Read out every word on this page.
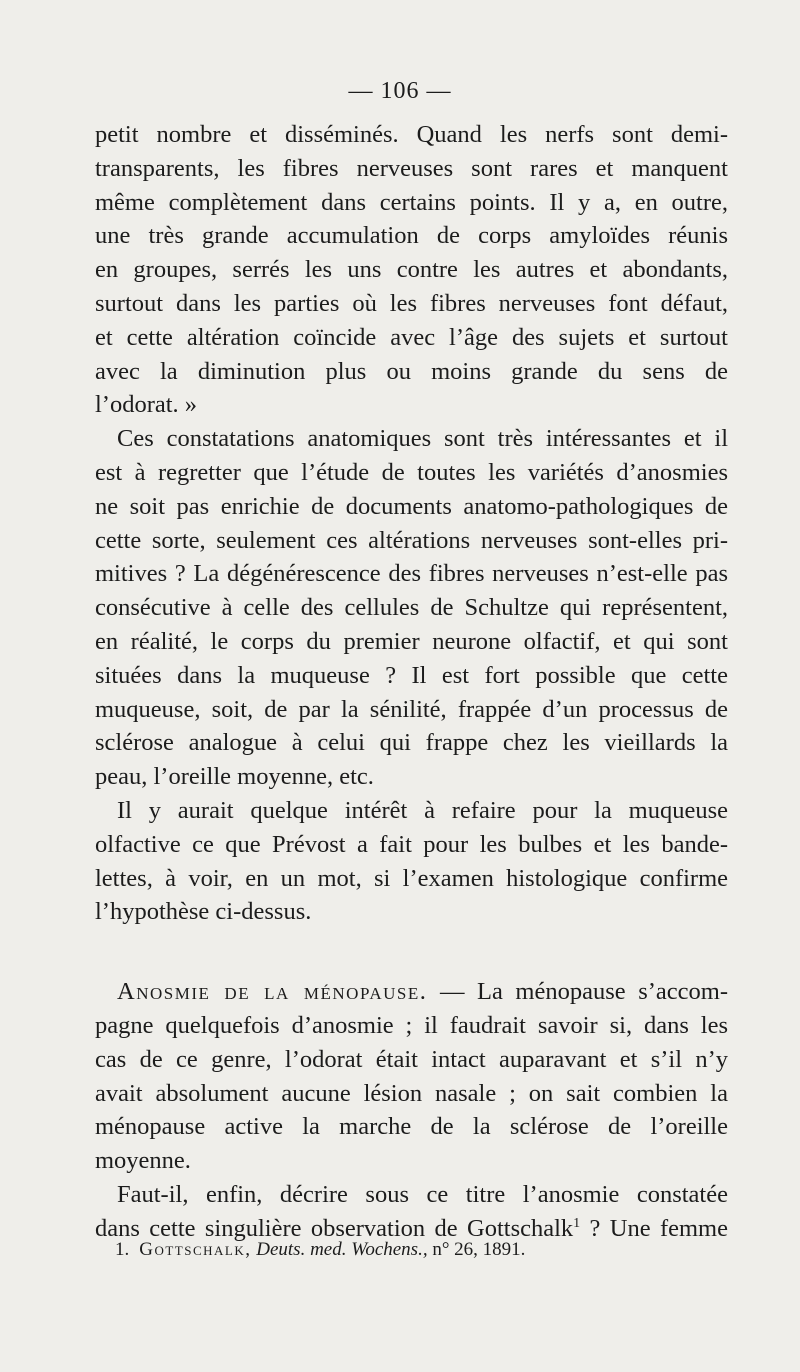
— 106 —

petit nombre et disséminés. Quand les nerfs sont demi-
transparents, les fibres nerveuses sont rares et manquent
même complètement dans certains points. Il y a, en outre,
une très grande accumulation de corps amyloïdes réunis
en groupes, serrés les uns contre les autres et abondants,
surtout dans les parties où les fibres nerveuses font défaut,
et cette altération coïncide avec l’âge des sujets et surtout
avec la diminution plus ou moins grande du sens de
l’odorat. »

Ces constatations anatomiques sont très intéressantes et il
est à regretter que l’étude de toutes les variétés d’anosmies
ne soit pas enrichie de documents anatomo-pathologiques de
cette sorte, seulement ces altérations nerveuses sont-elles pri-
mitives ? La dégénérescence des fibres nerveuses n’est-elle pas
consécutive à celle des cellules de Schultze qui représentent,
en réalité, le corps du premier neurone olfactif, et qui sont
situées dans la muqueuse ? Il est fort possible que cette
muqueuse, soit, de par la sénilité, frappée d’un processus de
sclérose analogue à celui qui frappe chez les vieillards la
peau, l’oreille moyenne, etc.

Il y aurait quelque intérêt à refaire pour la muqueuse
olfactive ce que Prévost a fait pour les bulbes et les bande-
lettes, à voir, en un mot, si l’examen histologique confirme
l’hypothèse ci-dessus.

Anosmie de la ménopause. — La ménopause s’accom-
pagne quelquefois d’anosmie ; il faudrait savoir si, dans les
cas de ce genre, l’odorat était intact auparavant et s’il n’y
avait absolument aucune lésion nasale ; on sait combien la
ménopause active la marche de la sclérose de l’oreille
moyenne.

Faut-il, enfin, décrire sous ce titre l’anosmie constatée
dans cette singulière observation de Gottschalk$^1$ ? Une femme

1. Gottschalk, Deuts. med. Wochens., n° 26, 1891.
